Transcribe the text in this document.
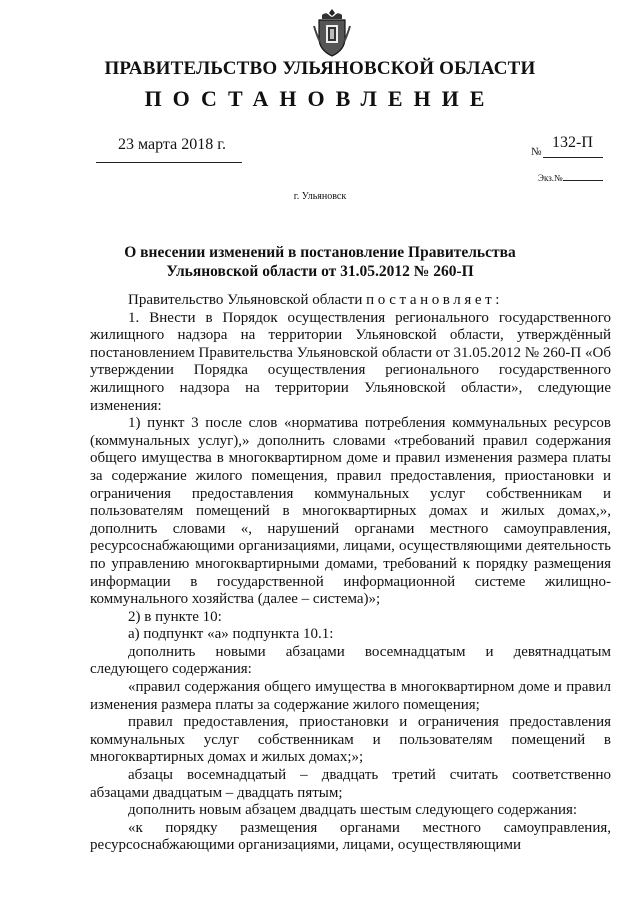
ПРАВИТЕЛЬСТВО УЛЬЯНОВСКОЙ ОБЛАСТИ
ПОСТАНОВЛЕНИЕ
23 марта 2018 г.	№
132-П
Экз.№
г. Ульяновск
О внесении изменений в постановление Правительства
Ульяновской области от 31.05.2012 № 260-П

Правительство Ульяновской области постановляет:

1. Внести в Порядок осуществления регионального государственного жилищного надзора на территории Ульяновской области, утверждённый постановлением Правительства Ульяновской области от 31.05.2012 № 260-П «Об утверждении Порядка осуществления регионального государственного жилищного надзора на территории Ульяновской области», следующие изменения:

1) пункт 3 после слов «норматива потребления коммунальных ресурсов (коммунальных услуг),» дополнить словами «требований правил содержания общего имущества в многоквартирном доме и правил изменения размера платы за содержание жилого помещения, правил предоставления, приостановки и ограничения предоставления коммунальных услуг собственникам и пользователям помещений в многоквартирных домах и жилых домах,», дополнить словами «, нарушений органами местного самоуправления, ресурсоснабжающими организациями, лицами, осуществляющими деятельность по управлению многоквартирными домами, требований к порядку размещения информации в государственной информационной системе жилищно-коммунального хозяйства (далее – система)»;

2) в пункте 10:

а) подпункт «а» подпункта 10.1:

дополнить новыми абзацами восемнадцатым и девятнадцатым следующего содержания:

«правил содержания общего имущества в многоквартирном доме и правил изменения размера платы за содержание жилого помещения;

правил предоставления, приостановки и ограничения предоставления коммунальных услуг собственникам и пользователям помещений в многоквартирных домах и жилых домах;»;

абзацы восемнадцатый – двадцать третий считать соответственно абзацами двадцатым – двадцать пятым;

дополнить новым абзацем двадцать шестым следующего содержания:

«к порядку размещения органами местного самоуправления, ресурсоснабжающими организациями, лицами, осуществляющими
